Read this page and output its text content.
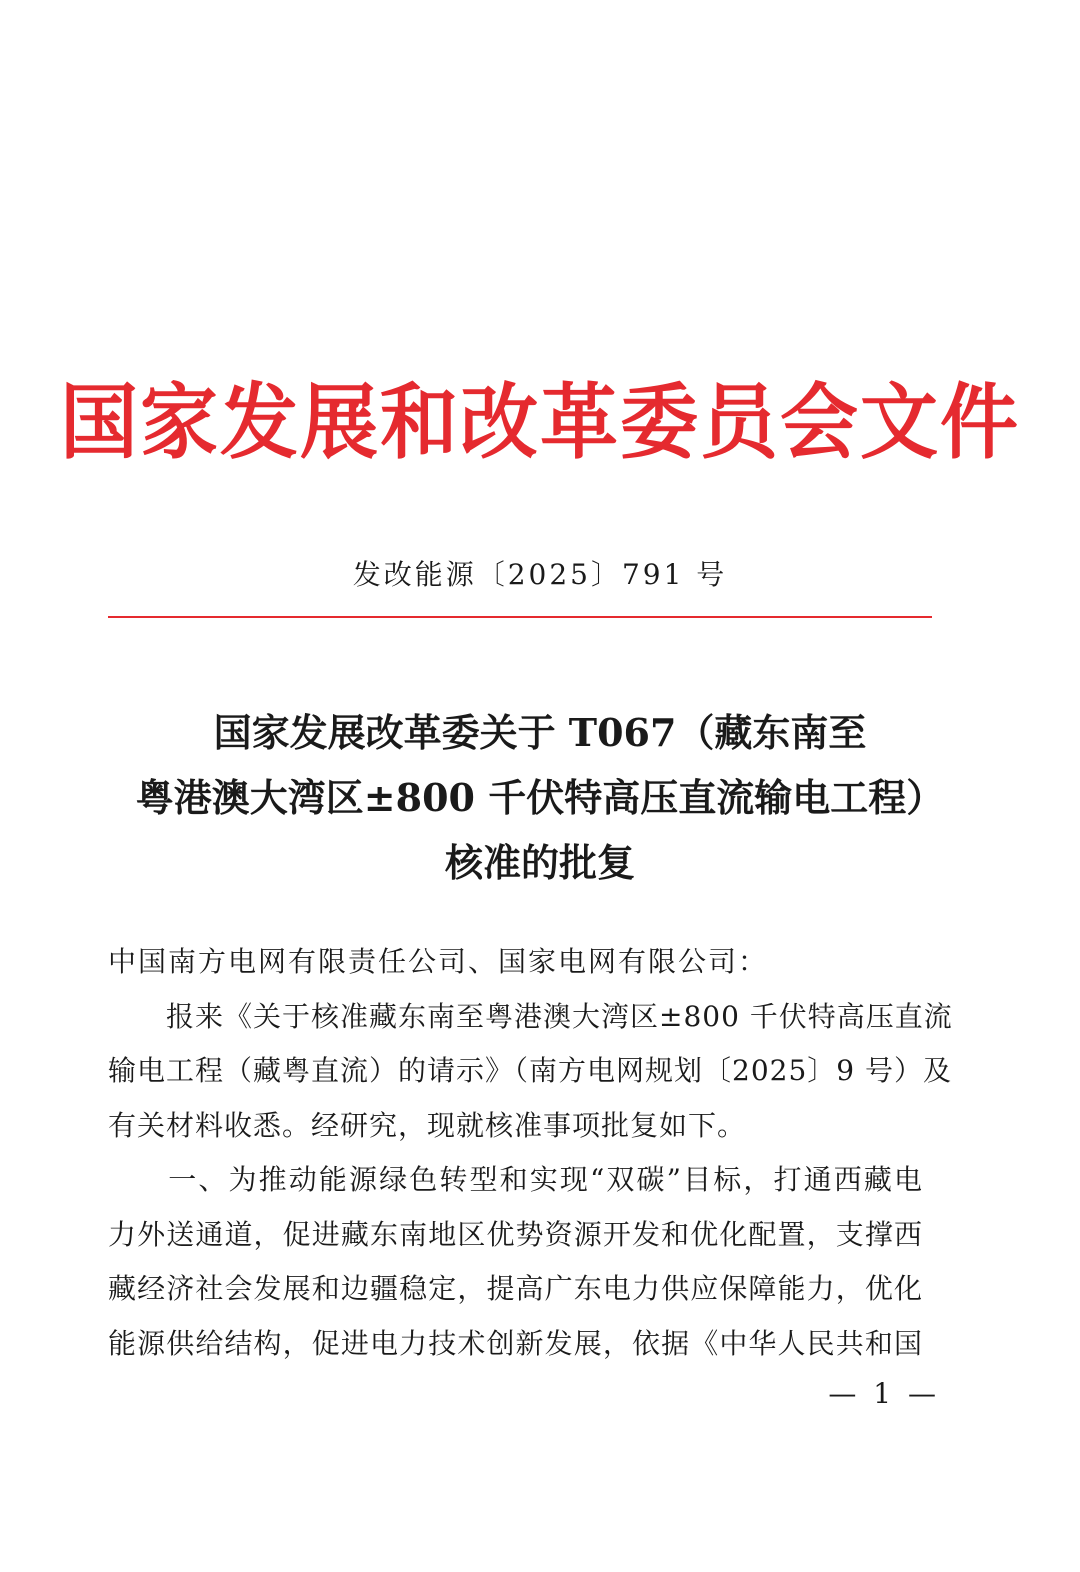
国家发展和改革委员会文件
发改能源〔2025〕791 号
国家发展改革委关于 T067（藏东南至
粤港澳大湾区±800 千伏特高压直流输电工程）
核准的批复
中国南方电网有限责任公司、国家电网有限公司：
　　报来《关于核准藏东南至粤港澳大湾区±800 千伏特高压直流
输电工程（藏粤直流）的请示》（南方电网规划〔2025〕9 号）及
有关材料收悉。经研究，现就核准事项批复如下。
　　一、为推动能源绿色转型和实现“双碳”目标，打通西藏电
力外送通道，促进藏东南地区优势资源开发和优化配置，支撑西
藏经济社会发展和边疆稳定，提高广东电力供应保障能力，优化
能源供给结构，促进电力技术创新发展，依据《中华人民共和国
— 1 —
